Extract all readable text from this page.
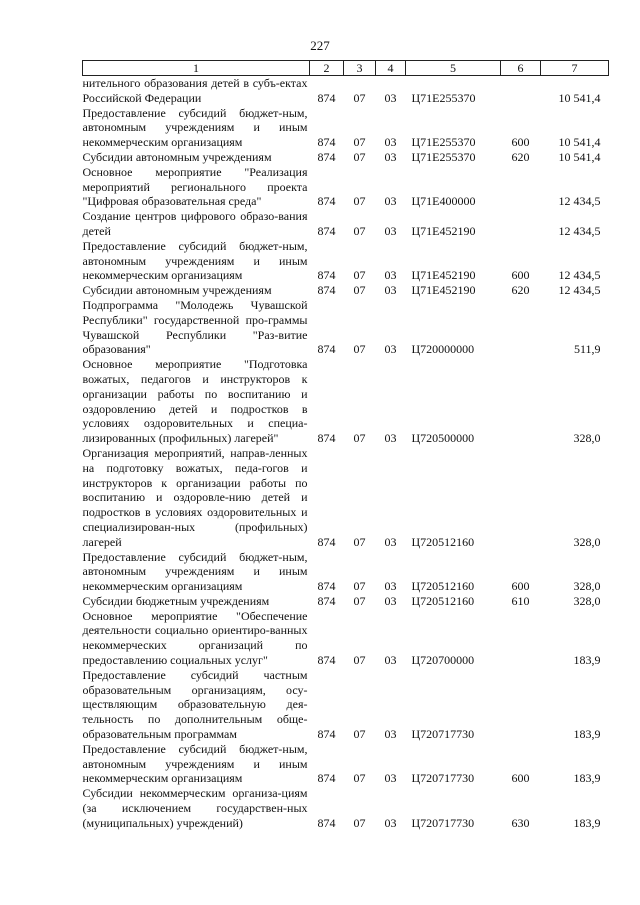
227
1	2	3	4	5	6	7
нительного образования детей в субъ-ектах Российской Федерации	874	07	03	Ц71E255370		10 541,4
Предоставление субсидий бюджет-ным, автономным учреждениям и иным некоммерческим организациям	874	07	03	Ц71E255370	600	10 541,4
Субсидии автономным учреждениям	874	07	03	Ц71E255370	620	10 541,4
Основное мероприятие "Реализация мероприятий регионального проекта "Цифровая образовательная среда"	874	07	03	Ц71E400000		12 434,5
Создание центров цифрового образо-вания детей	874	07	03	Ц71E452190		12 434,5
Предоставление субсидий бюджет-ным, автономным учреждениям и иным некоммерческим организациям	874	07	03	Ц71E452190	600	12 434,5
Субсидии автономным учреждениям	874	07	03	Ц71E452190	620	12 434,5
Подпрограмма "Молодежь Чувашской Республики" государственной про-граммы Чувашской Республики "Раз-витие образования"	874	07	03	Ц720000000		511,9
Основное мероприятие "Подготовка вожатых, педагогов и инструкторов к организации работы по воспитанию и оздоровлению детей и подростков в условиях оздоровительных и специа-лизированных (профильных) лагерей"	874	07	03	Ц720500000		328,0
Организация мероприятий, направ-ленных на подготовку вожатых, педа-гогов и инструкторов к организации работы по воспитанию и оздоровле-нию детей и подростков в условиях оздоровительных и специализирован-ных (профильных) лагерей	874	07	03	Ц720512160		328,0
Предоставление субсидий бюджет-ным, автономным учреждениям и иным некоммерческим организациям	874	07	03	Ц720512160	600	328,0
Субсидии бюджетным учреждениям	874	07	03	Ц720512160	610	328,0
Основное мероприятие "Обеспечение деятельности социально ориентиро-ванных некоммерческих организаций по предоставлению социальных услуг"	874	07	03	Ц720700000		183,9
Предоставление субсидий частным образовательным организациям, осу-ществляющим образовательную дея-тельность по дополнительным обще-образовательным программам	874	07	03	Ц720717730		183,9
Предоставление субсидий бюджет-ным, автономным учреждениям и иным некоммерческим организациям	874	07	03	Ц720717730	600	183,9
Субсидии некоммерческим организа-циям (за исключением государствен-ных (муниципальных) учреждений)	874	07	03	Ц720717730	630	183,9
